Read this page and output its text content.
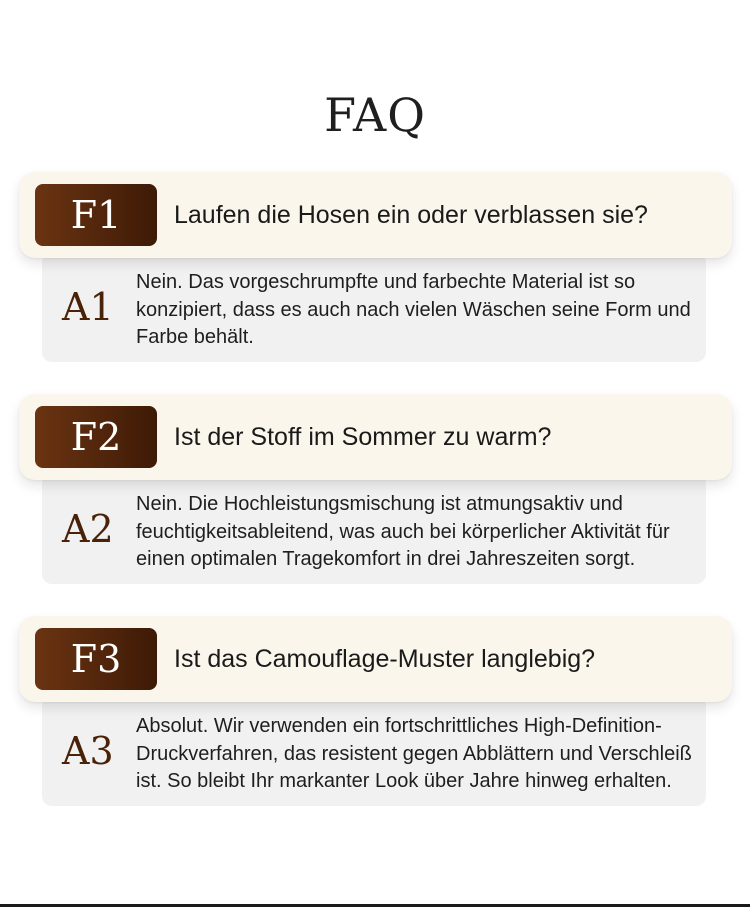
FAQ
A1

Nein. Das vorgeschrumpfte und farbechte Material ist so konzipiert, dass es auch nach vielen Wäschen seine Form und Farbe behält.

F1	Laufen die Hosen ein oder verblassen sie?
A2

Nein. Die Hochleistungsmischung ist atmungsaktiv und feuchtigkeitsableitend, was auch bei körperlicher Aktivität für einen optimalen Tragekomfort in drei Jahreszeiten sorgt.

F2	Ist der Stoff im Sommer zu warm?
A3

Absolut. Wir verwenden ein fortschrittliches High-Definition-Druckverfahren, das resistent gegen Abblättern und Verschleiß ist. So bleibt Ihr markanter Look über Jahre hinweg erhalten.

F3	Ist das Camouflage-Muster langlebig?
